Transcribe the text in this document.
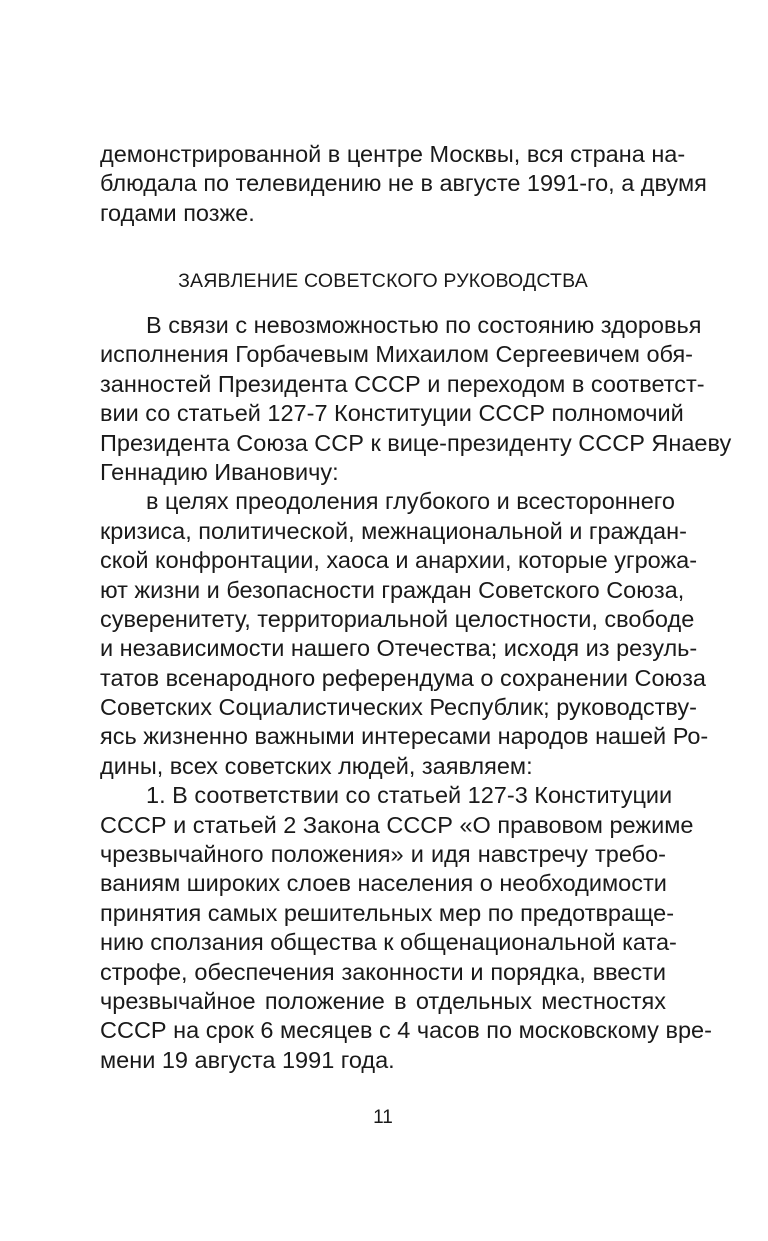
демонстрированной в центре Москвы, вся страна на-
блюдала по телевидению не в августе 1991-го, а двумя
годами позже.
ЗАЯВЛЕНИЕ СОВЕТСКОГО РУКОВОДСТВА
В связи с невозможностью по состоянию здоровья
исполнения Горбачевым Михаилом Сергеевичем обя-
занностей Президента СССР и переходом в соответст-
вии со статьей 127-7 Конституции СССР полномочий
Президента Союза ССР к вице-президенту СССР Янаеву
Геннадию Ивановичу:
в целях преодоления глубокого и всестороннего
кризиса, политической, межнациональной и граждан-
ской конфронтации, хаоса и анархии, которые угрожа-
ют жизни и безопасности граждан Советского Союза,
суверенитету, территориальной целостности, свободе
и независимости нашего Отечества; исходя из резуль-
татов всенародного референдума о сохранении Союза
Советских Социалистических Республик; руководству-
ясь жизненно важными интересами народов нашей Ро-
дины, всех советских людей, заявляем:
1. В соответствии со статьей 127-3 Конституции
СССР и статьей 2 Закона СССР «О правовом режиме
чрезвычайного положения» и идя навстречу требо-
ваниям широких слоев населения о необходимости
принятия самых решительных мер по предотвраще-
нию сползания общества к общенациональной ката-
строфе, обеспечения законности и порядка, ввести
чрезвычайное положение в отдельных местностях
СССР на срок 6 месяцев с 4 часов по московскому вре-
мени 19 августа 1991 года.
11
